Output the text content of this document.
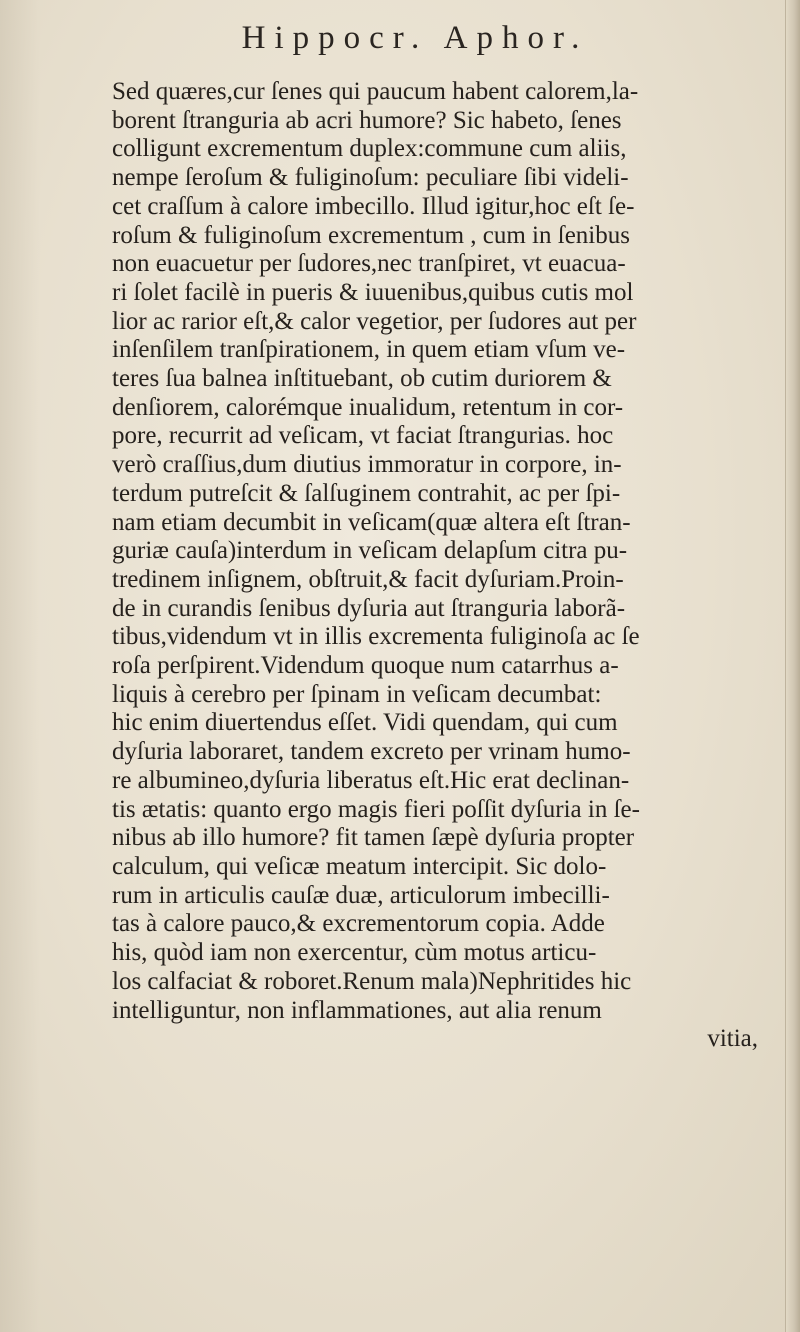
Hippocr. Aphor.
Sed quæres,cur ſenes qui paucum habent calorem,la-
borent ſtranguria ab acri humore? Sic habeto, ſenes
colligunt excrementum duplex:commune cum aliis,
nempe ſeroſum & fuliginoſum: peculiare ſibi videli-
cet craſſum à calore imbecillo. Illud igitur,hoc eſt ſe-
roſum & fuliginoſum excrementum , cum in ſenibus
non euacuetur per ſudores,nec tranſpiret, vt euacua-
ri ſolet facilè in pueris & iuuenibus,quibus cutis mol
lior ac rarior eſt,& calor vegetior, per ſudores aut per
inſenſilem tranſpirationem, in quem etiam vſum ve-
teres ſua balnea inſtituebant, ob cutim duriorem &
denſiorem, calorémque inualidum, retentum in cor-
pore, recurrit ad veſicam, vt faciat ſtrangurias. hoc
verò craſſius,dum diutius immoratur in corpore, in-
terdum putreſcit & ſalſuginem contrahit, ac per ſpi-
nam etiam decumbit in veſicam(quæ altera eſt ſtran-
guriæ cauſa)interdum in veſicam delapſum citra pu-
tredinem inſignem, obſtruit,& facit dyſuriam.Proin-
de in curandis ſenibus dyſuria aut ſtranguria laborã-
tibus,videndum vt in illis excrementa fuliginoſa ac ſe
roſa perſpirent.Videndum quoque num catarrhus a-
liquis à cerebro per ſpinam in veſicam decumbat:
hic enim diuertendus eſſet. Vidi quendam, qui cum
dyſuria laboraret, tandem excreto per vrinam humo-
re albumineo,dyſuria liberatus eſt.Hic erat declinan-
tis ætatis: quanto ergo magis fieri poſſit dyſuria in ſe-
nibus ab illo humore? fit tamen ſæpè dyſuria propter
calculum, qui veſicæ meatum intercipit. Sic dolo-
rum in articulis cauſæ duæ, articulorum imbecilli-
tas à calore pauco,& excrementorum copia. Adde
his, quòd iam non exercentur, cùm motus articu-
los calfaciat & roboret.Renum mala)Nephritides hic
intelliguntur, non inflammationes, aut alia renum
vitia,
